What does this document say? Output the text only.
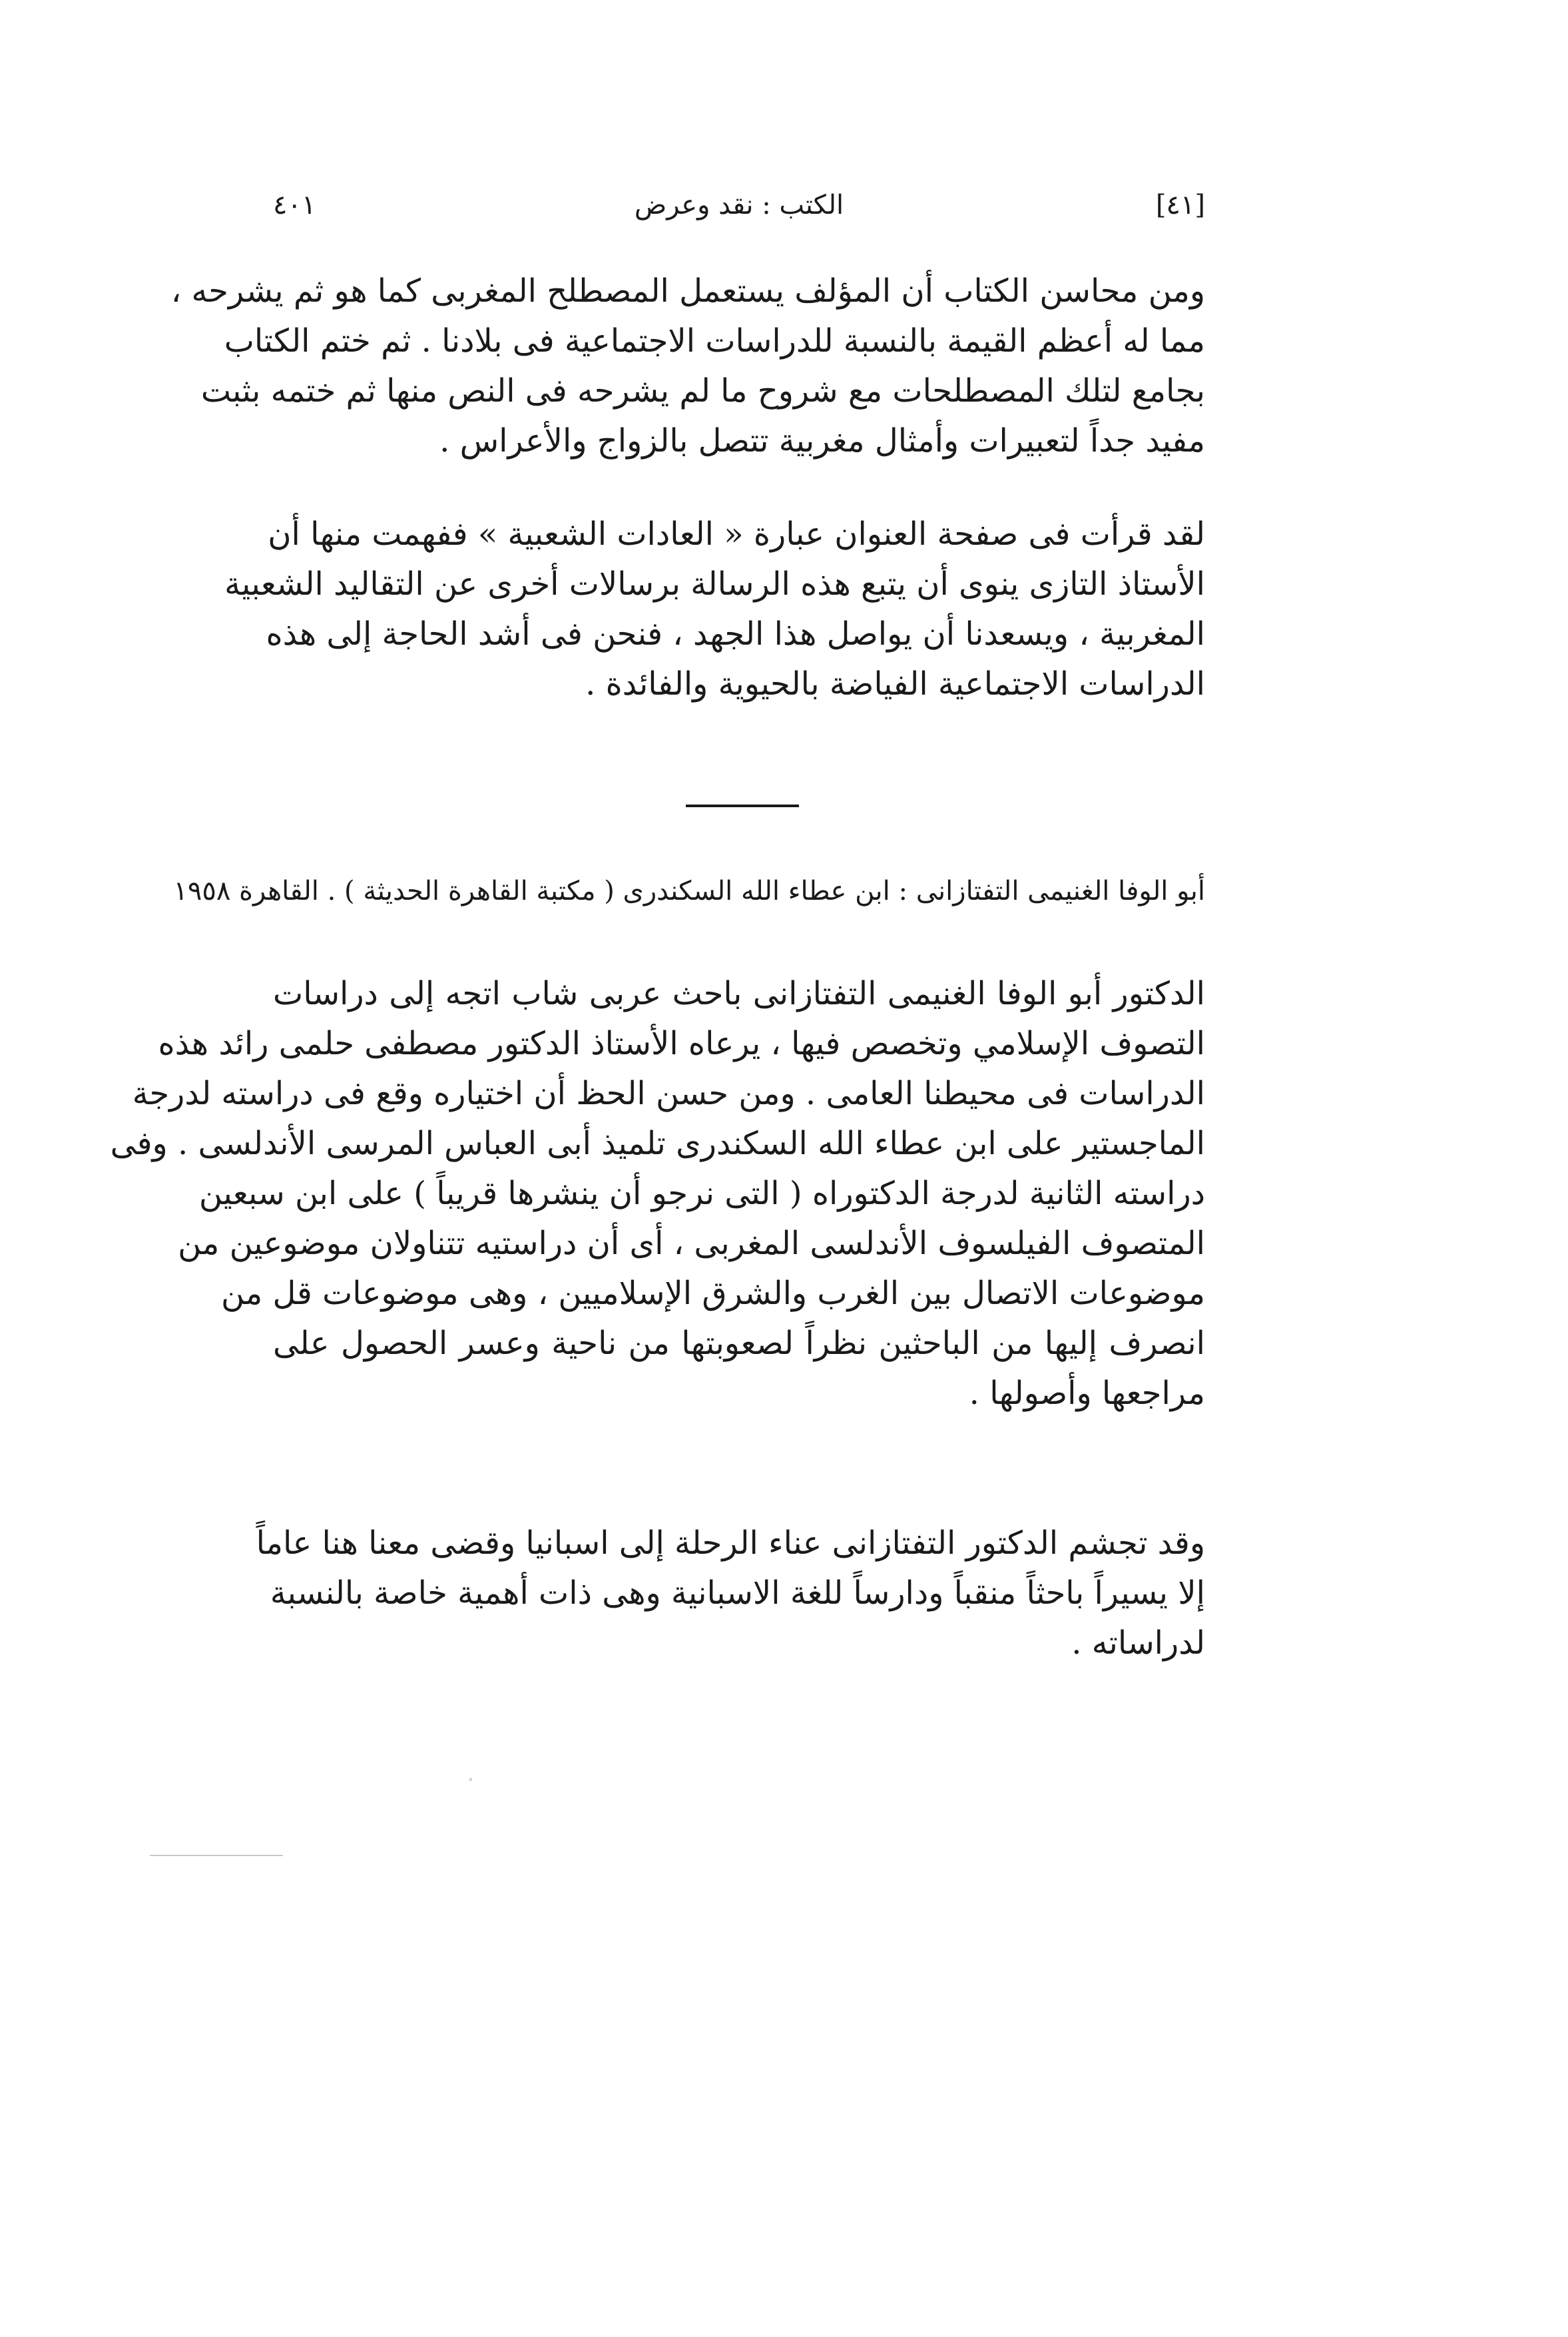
[٤١]
الكتب : نقد وعرض
٤٠١
ومن محاسن الكتاب أن المؤلف يستعمل المصطلح المغربى كما هو ثم يشرحه ،
مما له أعظم القيمة بالنسبة للدراسات الاجتماعية فى بلادنا . ثم ختم الكتاب
بجامع لتلك المصطلحات مع شروح ما لم يشرحه فى النص منها ثم ختمه بثبت
مفيد جداً لتعبيرات وأمثال مغربية تتصل بالزواج والأعراس .
لقد قرأت فى صفحة العنوان عبارة « العادات الشعبية » ففهمت منها أن
الأستاذ التازى ينوى أن يتبع هذه الرسالة برسالات أخرى عن التقاليد الشعبية
المغربية ، ويسعدنا أن يواصل هذا الجهد ، فنحن فى أشد الحاجة إلى هذه
الدراسات الاجتماعية الفياضة بالحيوية والفائدة .
أبو الوفا الغنيمى التفتازانى : ابن عطاء الله السكندرى ( مكتبة القاهرة الحديثة ) . القاهرة ١٩٥٨
الدكتور أبو الوفا الغنيمى التفتازانى باحث عربى شاب اتجه إلى دراسات
التصوف الإسلامي وتخصص فيها ، يرعاه الأستاذ الدكتور مصطفى حلمى رائد هذه
الدراسات فى محيطنا العامى . ومن حسن الحظ أن اختياره وقع فى دراسته لدرجة
الماجستير على ابن عطاء الله السكندرى تلميذ أبى العباس المرسى الأندلسى . وفى
دراسته الثانية لدرجة الدكتوراه ( التى نرجو أن ينشرها قريباً ) على ابن سبعين
المتصوف الفيلسوف الأندلسى المغربى ، أى أن دراستيه تتناولان موضوعين من
موضوعات الاتصال بين الغرب والشرق الإسلاميين ، وهى موضوعات قل من
انصرف إليها من الباحثين نظراً لصعوبتها من ناحية وعسر الحصول على
مراجعها وأصولها .
وقد تجشم الدكتور التفتازانى عناء الرحلة إلى اسبانيا وقضى معنا هنا عاماً
إلا يسيراً باحثاً منقباً ودارساً للغة الاسبانية وهى ذات أهمية خاصة بالنسبة
لدراساته .
